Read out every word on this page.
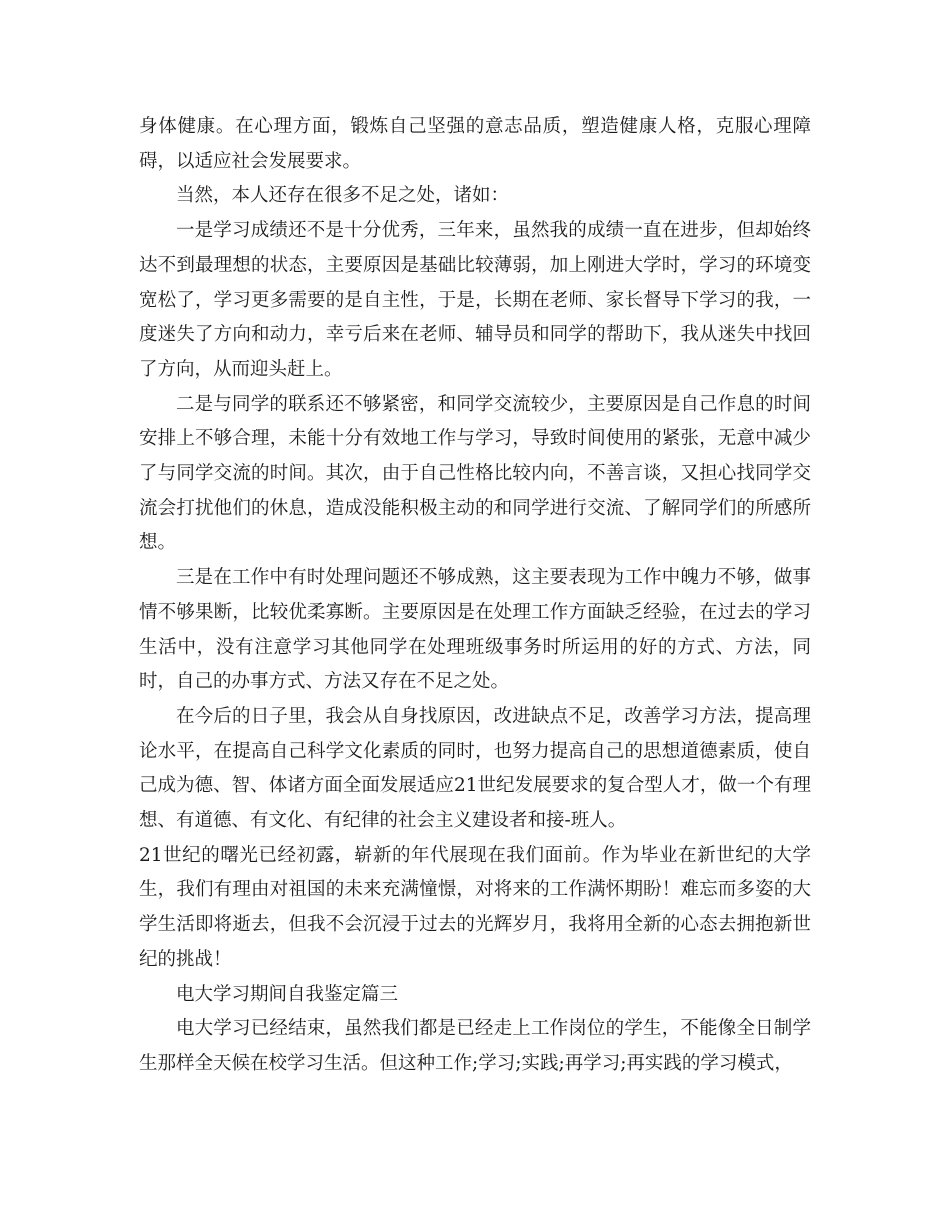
身体健康。在心理方面，锻炼自己坚强的意志品质，塑造健康人格，克服心理障碍，以适应社会发展要求。

当然，本人还存在很多不足之处，诸如：

一是学习成绩还不是十分优秀，三年来，虽然我的成绩一直在进步，但却始终达不到最理想的状态，主要原因是基础比较薄弱，加上刚进大学时，学习的环境变宽松了，学习更多需要的是自主性，于是，长期在老师、家长督导下学习的我，一度迷失了方向和动力，幸亏后来在老师、辅导员和同学的帮助下，我从迷失中找回了方向，从而迎头赶上。

二是与同学的联系还不够紧密，和同学交流较少，主要原因是自己作息的时间安排上不够合理，未能十分有效地工作与学习，导致时间使用的紧张，无意中减少了与同学交流的时间。其次，由于自己性格比较内向，不善言谈，又担心找同学交流会打扰他们的休息，造成没能积极主动的和同学进行交流、了解同学们的所感所想。

三是在工作中有时处理问题还不够成熟，这主要表现为工作中魄力不够，做事情不够果断，比较优柔寡断。主要原因是在处理工作方面缺乏经验，在过去的学习生活中，没有注意学习其他同学在处理班级事务时所运用的好的方式、方法，同时，自己的办事方式、方法又存在不足之处。

在今后的日子里，我会从自身找原因，改进缺点不足，改善学习方法，提高理论水平，在提高自己科学文化素质的同时，也努力提高自己的思想道德素质，使自己成为德、智、体诸方面全面发展适应21世纪发展要求的复合型人才，做一个有理想、有道德、有文化、有纪律的社会主义建设者和接-班人。

21世纪的曙光已经初露，崭新的年代展现在我们面前。作为毕业在新世纪的大学生，我们有理由对祖国的未来充满憧憬，对将来的工作满怀期盼！难忘而多姿的大学生活即将逝去，但我不会沉浸于过去的光辉岁月，我将用全新的心态去拥抱新世纪的挑战！

电大学习期间自我鉴定篇三

电大学习已经结束，虽然我们都是已经走上工作岗位的学生，不能像全日制学生那样全天候在校学习生活。但这种工作;学习;实践;再学习;再实践的学习模式，
